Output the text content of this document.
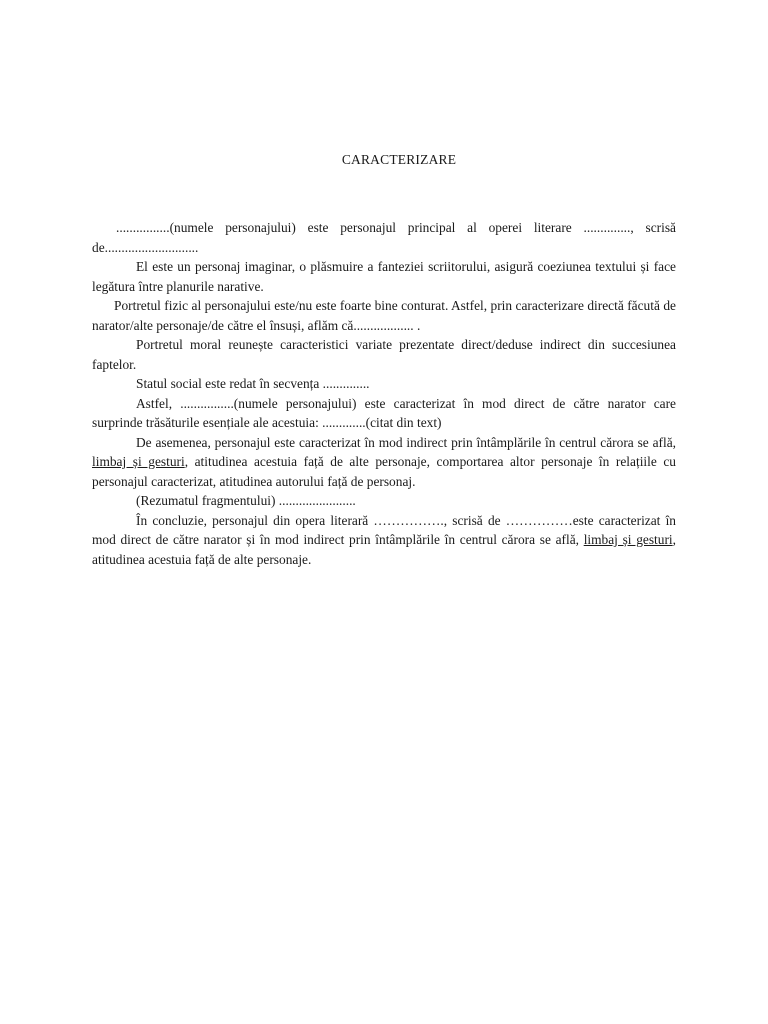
CARACTERIZARE

................(numele personajului) este personajul principal al operei literare .............., scrisă de............................

El este un personaj imaginar, o plăsmuire a fanteziei scriitorului, asigură coeziunea textului și face legătura între planurile narative.

Portretul fizic al personajului este/nu este foarte bine conturat. Astfel, prin caracterizare directă făcută de narator/alte personaje/de către el însuși, aflăm că.................. .

Portretul moral reunește caracteristici variate prezentate direct/deduse indirect din succesiunea faptelor.

Statul social este redat în secvența ..............

Astfel, ................(numele personajului) este caracterizat în mod direct de către narator care surprinde trăsăturile esențiale ale acestuia: .............(citat din text)

De asemenea, personajul este caracterizat în mod indirect prin întâmplările în centrul cărora se află, limbaj și gesturi, atitudinea acestuia față de alte personaje, comportarea altor personaje în relațiile cu personajul caracterizat, atitudinea autorului față de personaj.

(Rezumatul fragmentului) .......................

În concluzie, personajul din opera literară ……………., scrisă de ……………este caracterizat în mod direct de către narator și în mod indirect prin întâmplările în centrul cărora se află, limbaj și gesturi, atitudinea acestuia față de alte personaje.
